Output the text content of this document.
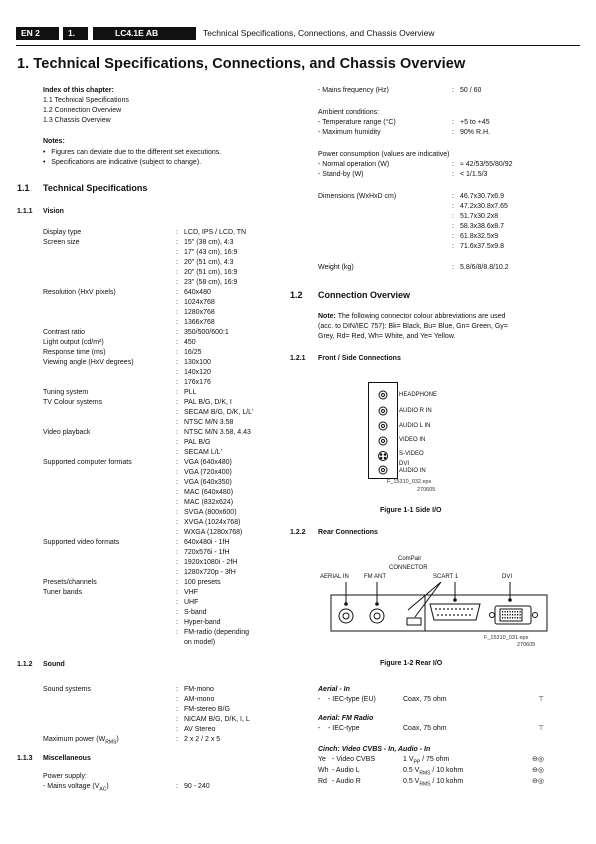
EN 2	1.	LC4.1E AB	Technical Specifications, Connections, and Chassis Overview
1. Technical Specifications, Connections, and Chassis Overview
Index of this chapter:
1.1 Technical Specifications
1.2 Connection Overview
1.3 Chassis Overview
Notes:
•   Figures can deviate due to the different set executions.
•   Specifications are indicative (subject to change).
1.1 Technical Specifications
1.1.1 Vision
Display type	: LCD, IPS / LCD, TN
Screen size	: 15" (38 cm), 4:3
: 17" (43 cm), 16:9
: 20" (51 cm), 4:3
: 20" (51 cm), 16:9
: 23" (58 cm), 16:9
Resolution (HxV pixels)	: 640x480
: 1024x768
: 1280x768
: 1366x768
Contrast ratio	: 350/500/600:1
Light output (cd/m²)	: 450
Response time (ms)	: 16/25
Viewing angle (HxV degrees)	: 130x100
: 140x120
: 176x176
Tuning system	: PLL
TV Colour systems	: PAL B/G, D/K, I
: SECAM B/G, D/K, L/L'
: NTSC M/N 3.58
Video playback	: NTSC M/N 3.58, 4.43
: PAL B/G
: SECAM L/L'
Supported computer formats	: VGA (640x480)
: VGA (720x400)
: VGA (640x350)
: MAC (640x480)
: MAC (832x624)
: SVGA (800x600)
: XVGA (1024x768)
: WXGA (1280x768)
Supported video formats	: 640x480i - 1fH
: 720x576i - 1fH
: 1920x1080i - 2fH
: 1280x720p - 3fH
Presets/channels	: 100 presets
Tuner bands	: VHF
: UHF
: S-band
: Hyper-band
: FM-radio (depending
on model)
1.1.2 Sound
Sound systems	: FM-mono
: AM-mono
: FM-stereo B/G
: NICAM B/G, D/K, I, L
: AV Stereo
Maximum power $(W_{RMS})$	: 2 x 2 / 2 x 5
1.1.3 Miscellaneous
Power supply:
- Mains voltage $(V_{AC})$	: 90 - 240
- Mains frequency (Hz)	: 50 / 60
Ambient conditions:
- Temperature range (°C)	: +5 to +45
- Maximum humidity	: 90% R.H.
Power consumption (values are indicative)
- Normal operation (W)	: ≈ 42/53/55/80/92
- Stand-by (W)	: < 1/1.5/3
Dimensions (WxHxD cm)	: 46.7x30.7x6.9
: 47.2x30.8x7.65
: 51.7x30.2x8
: 58.3x38.6x8.7
: 61.8x32.5x9
: 71.6x37.5x9.8
Weight (kg)	: 5.8/6/8/8.8/10.2
1.2 Connection Overview
Note: The following connector colour abbreviations are used
(acc. to DIN/IEC 757): Bk= Black, Bu= Blue, Gn= Green, Gy=
Grey, Rd= Red, Wh= White, and Ye= Yellow.
1.2.1 Front / Side Connections
HEADPHONE
AUDIO R IN
AUDIO L IN
VIDEO IN
S-VIDEO
DVI
AUDIO IN
F_15310_032.eps
270605
Figure 1-1 Side I/O
1.2.2 Rear Connections
ComPair
CONNECTOR
AERIAL IN	FM ANT	SCART 1	DVI
F_15310_031.eps
270605
Figure 1-2 Rear I/O
Aerial - In
- - IEC-type (EU)	Coax, 75 ohm	⊤
Aerial: FM Radio
- - IEC-type	Coax, 75 ohm	⊤
Cinch: Video CVBS - In, Audio - In
Ye - Video CVBS	1 $V_{PP} / 75$ ohm	⊖◎
Wh - Audio L	0.5 $V_{RMS} / 10$ kohm	⊖◎
Rd - Audio R	0.5 $V_{RMS} / 10$ kohm	⊖◎
